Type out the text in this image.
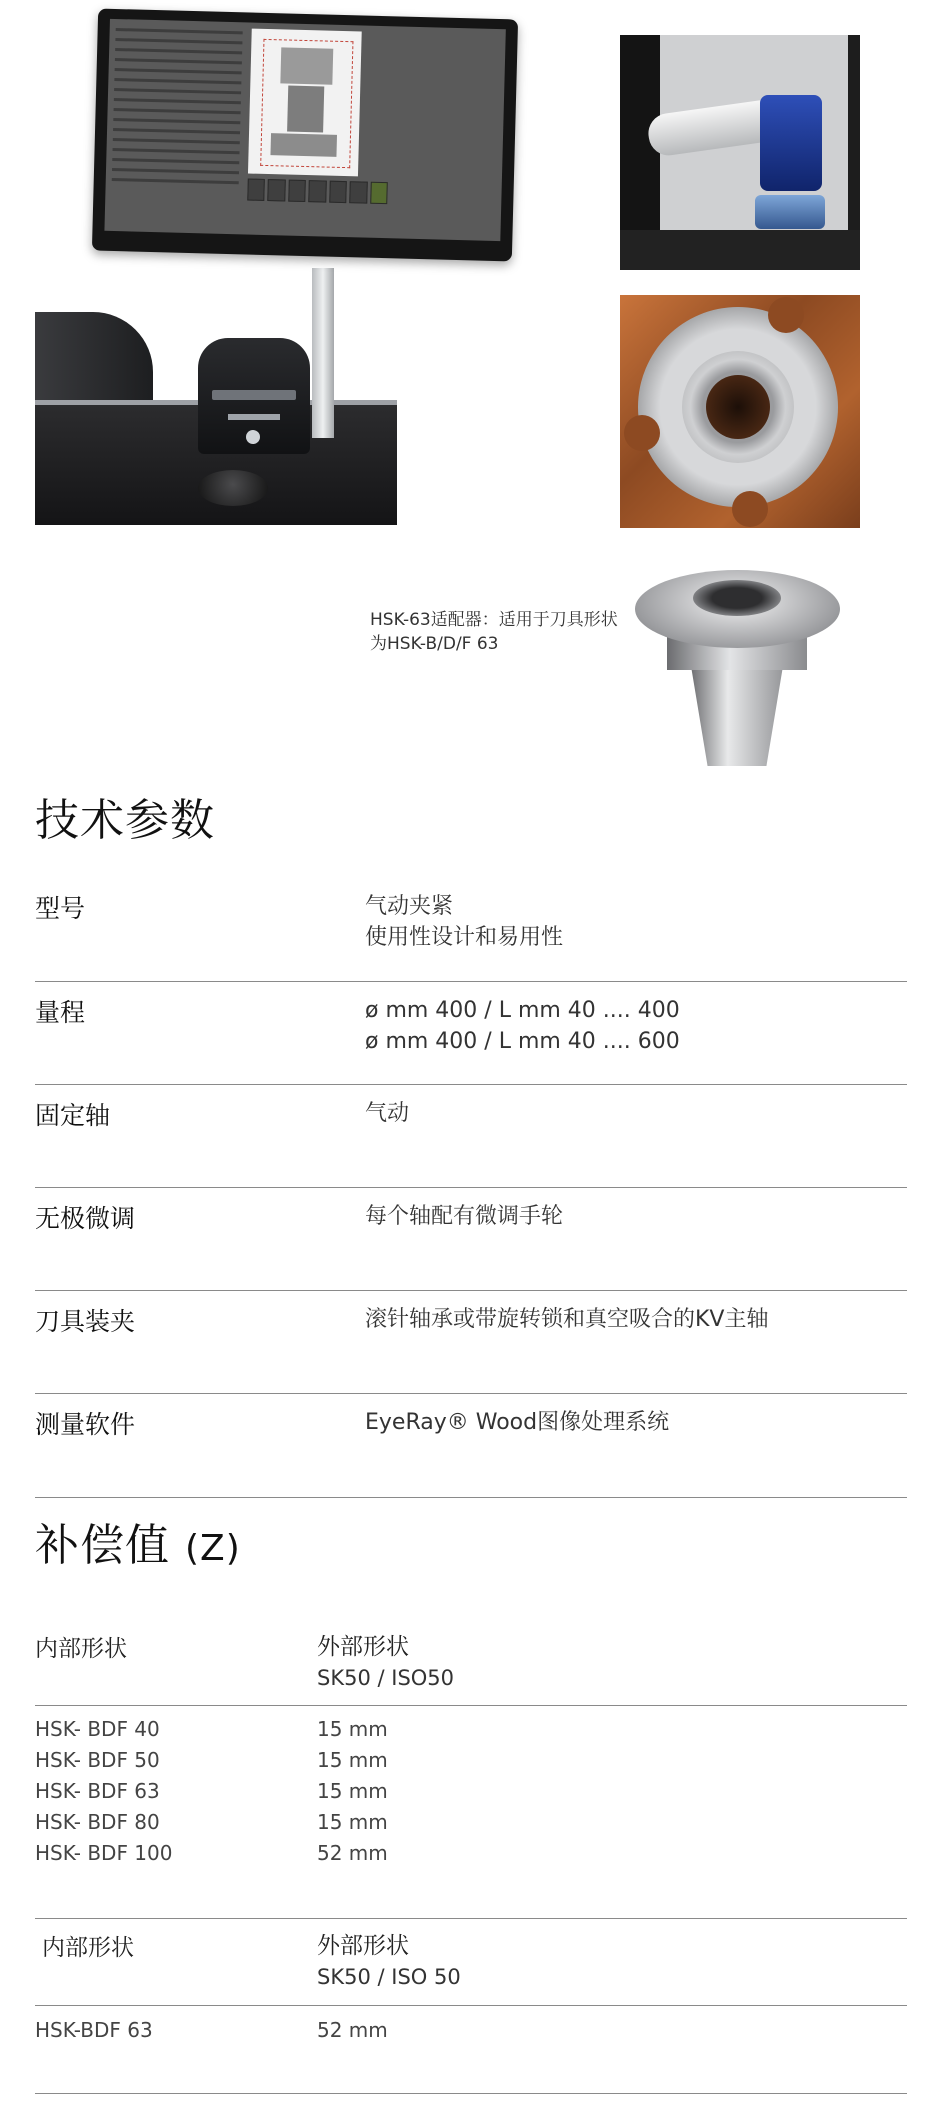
HSK-63适配器：适用于刀具形状为HSK-B/D/F 63
技术参数
型号	气动夹紧
使用性设计和易用性
量程	ø mm 400 / L mm 40 .... 400
ø mm 400 / L mm 40 .... 600
固定轴	气动
无极微调	每个轴配有微调手轮
刀具装夹	滚针轴承或带旋转锁和真空吸合的KV主轴
测量软件	EyeRay® Wood图像处理系统
补偿值 (Z)
内部形状	外部形状
SK50 / ISO50
HSK- BDF 40	15 mm
HSK- BDF 50	15 mm
HSK- BDF 63	15 mm
HSK- BDF 80	15 mm
HSK- BDF 100	52 mm
内部形状	外部形状
SK50 / ISO 50
HSK-BDF 63	52 mm
